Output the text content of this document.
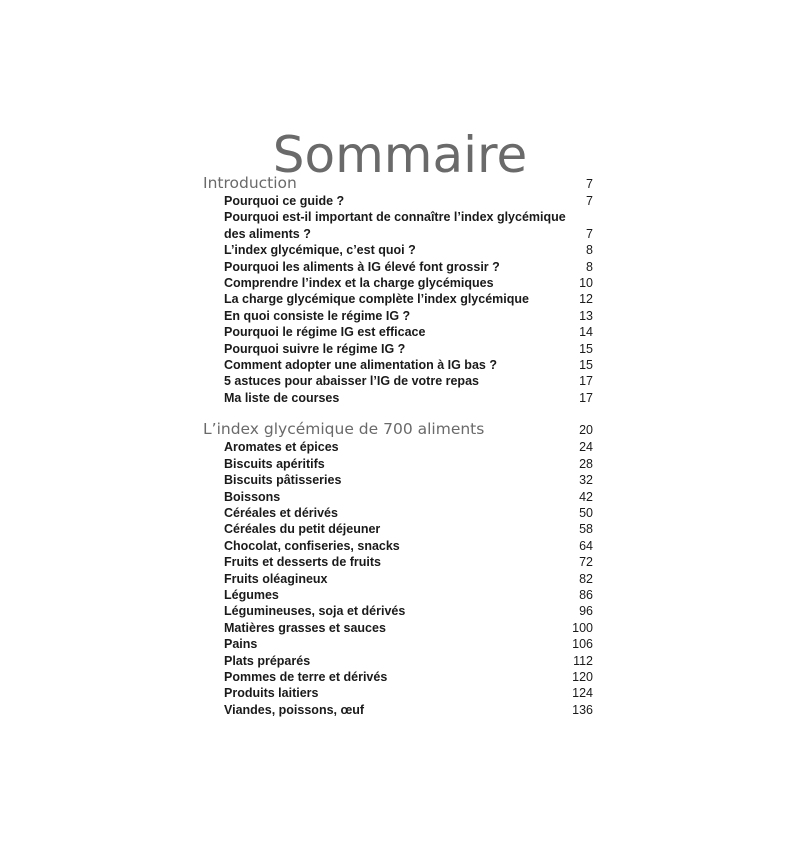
Sommaire
Introduction	7
Pourquoi ce guide ?	7
Pourquoi est-il important de connaître l’index glycémique des aliments ?	7
L’index glycémique, c’est quoi ?	8
Pourquoi les aliments à IG élevé font grossir ?	8
Comprendre l’index et la charge glycémiques	10
La charge glycémique complète l’index glycémique	12
En quoi consiste le régime IG ?	13
Pourquoi le régime IG est efficace	14
Pourquoi suivre le régime IG ?	15
Comment adopter une alimentation à IG bas ?	15
5 astuces pour abaisser l’IG de votre repas	17
Ma liste de courses	17
L’index glycémique de 700 aliments	20
Aromates et épices	24
Biscuits apéritifs	28
Biscuits pâtisseries	32
Boissons	42
Céréales et dérivés	50
Céréales du petit déjeuner	58
Chocolat, confiseries, snacks	64
Fruits et desserts de fruits	72
Fruits oléagineux	82
Légumes	86
Légumineuses, soja et dérivés	96
Matières grasses et sauces	100
Pains	106
Plats préparés	112
Pommes de terre et dérivés	120
Produits laitiers	124
Viandes, poissons, œuf	136
